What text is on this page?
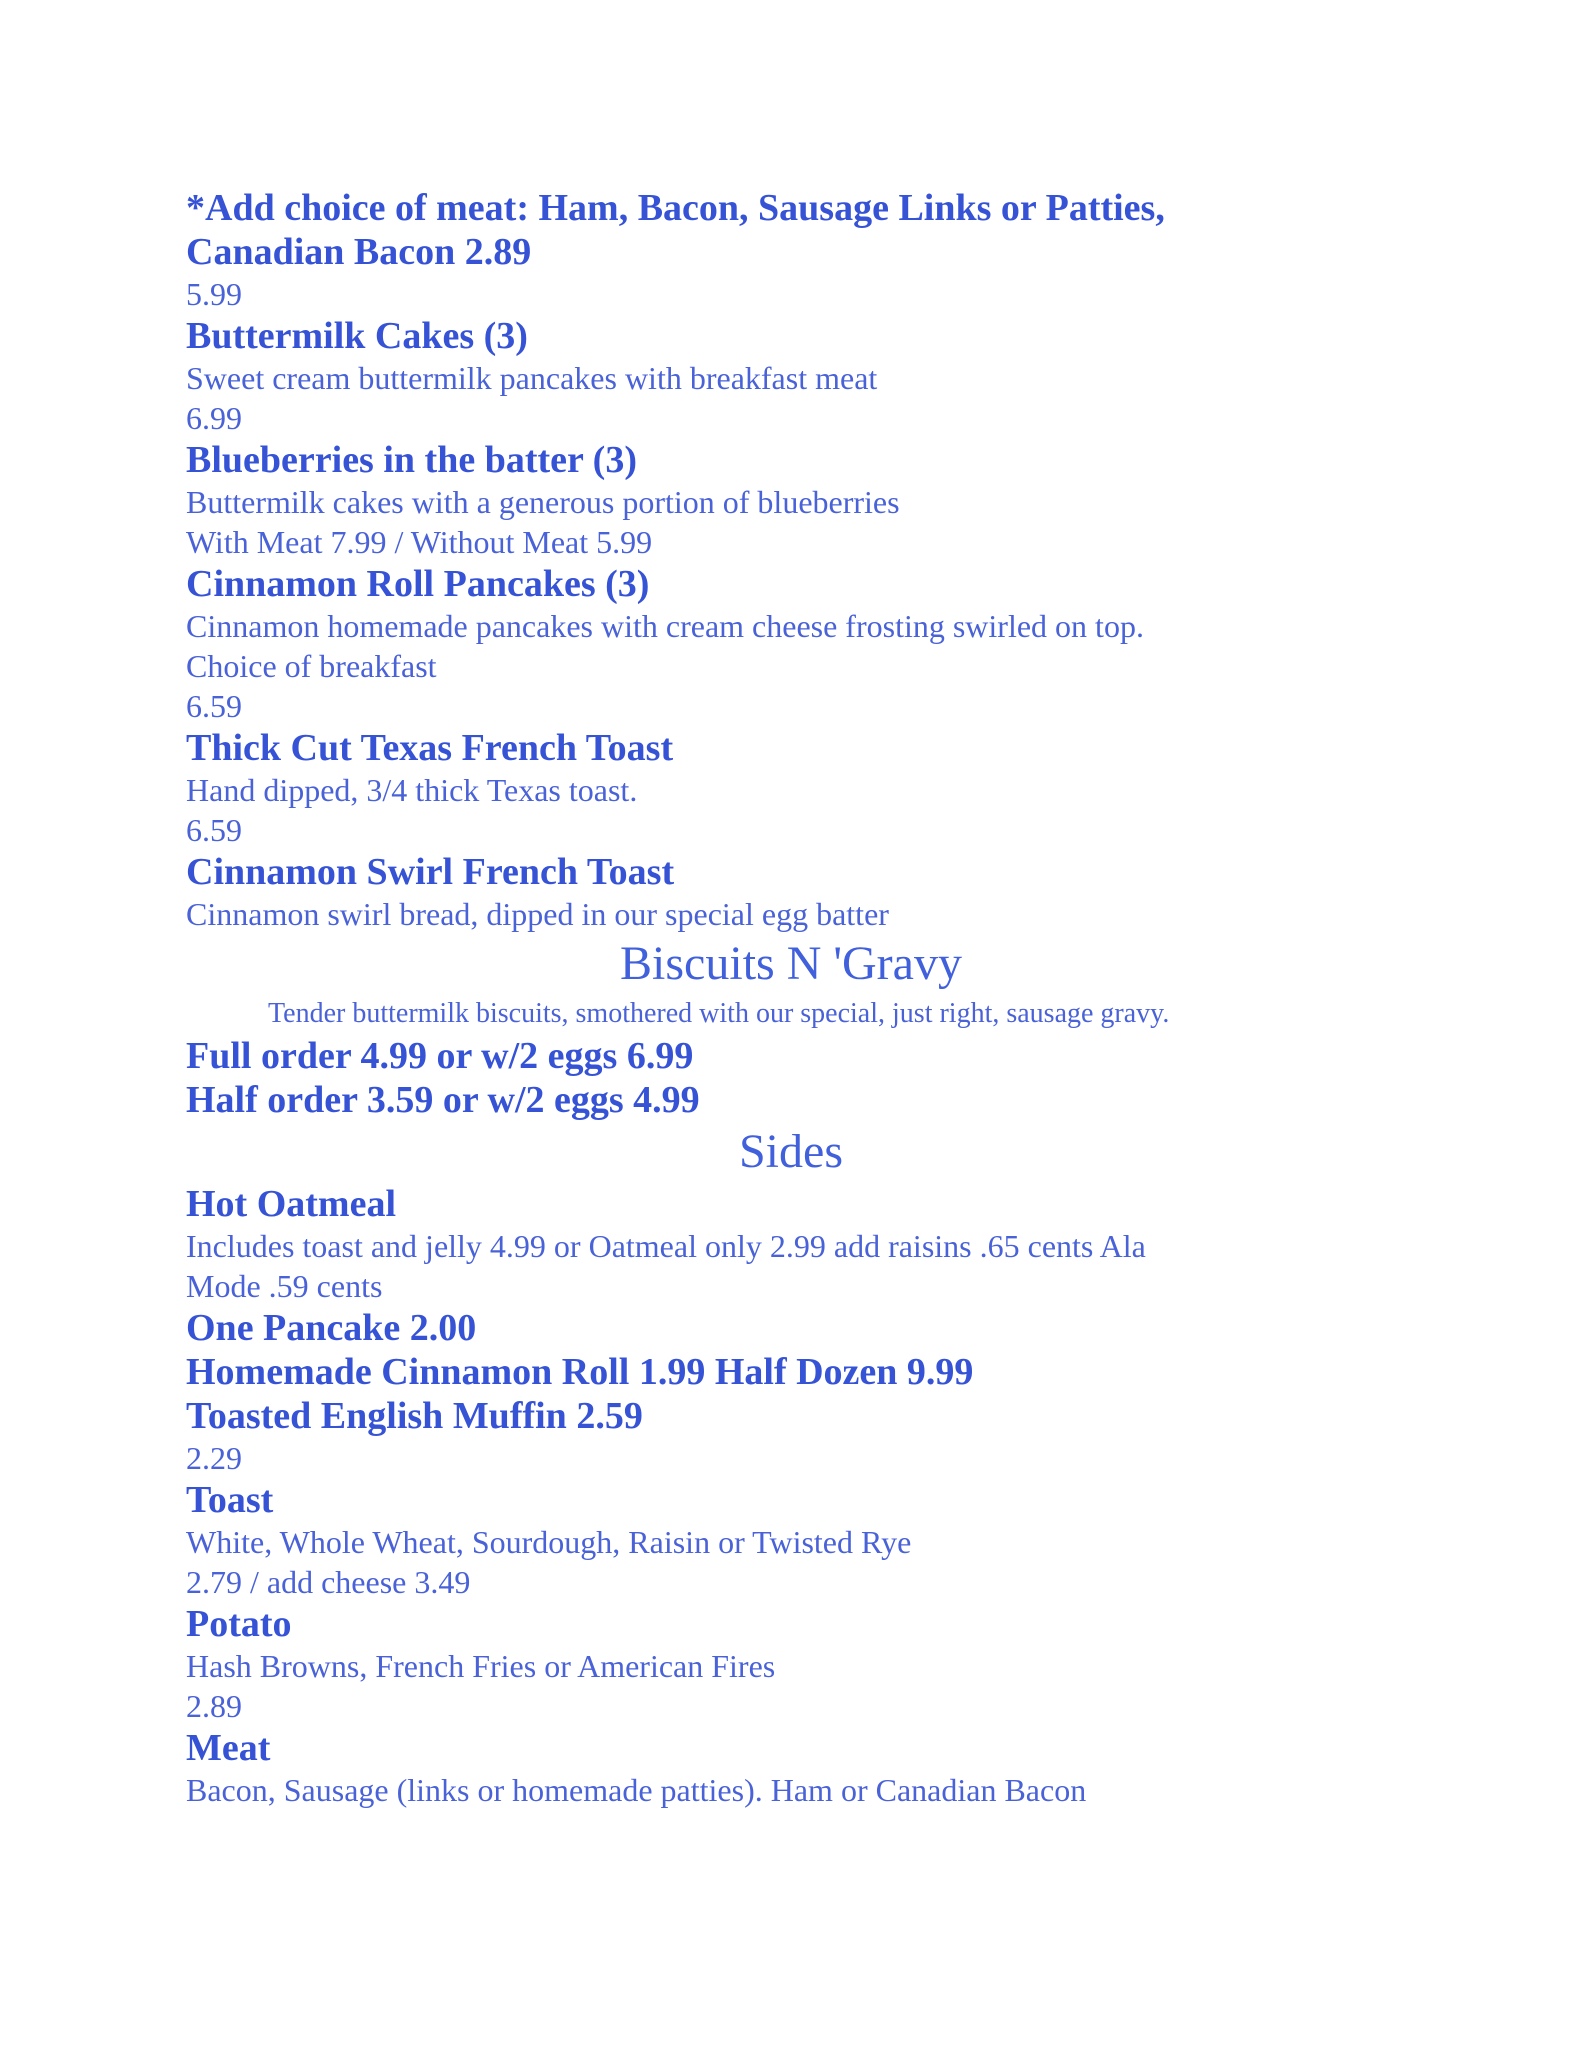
*Add choice of meat: Ham, Bacon, Sausage Links or Patties,
Canadian Bacon 2.89
5.99
Buttermilk Cakes (3)
Sweet cream buttermilk pancakes with breakfast meat
6.99
Blueberries in the batter (3)
Buttermilk cakes with a generous portion of blueberries
With Meat 7.99 / Without Meat 5.99
Cinnamon Roll Pancakes (3)
Cinnamon homemade pancakes with cream cheese frosting swirled on top.
Choice of breakfast
6.59
Thick Cut Texas French Toast
Hand dipped, 3/4 thick Texas toast.
6.59
Cinnamon Swirl French Toast
Cinnamon swirl bread, dipped in our special egg batter
Biscuits N 'Gravy
Tender buttermilk biscuits, smothered with our special, just right, sausage gravy.
Full order 4.99 or w/2 eggs 6.99
Half order 3.59 or w/2 eggs 4.99
Sides
Hot Oatmeal
Includes toast and jelly 4.99 or Oatmeal only 2.99 add raisins .65 cents Ala
Mode .59 cents
One Pancake 2.00
Homemade Cinnamon Roll 1.99 Half Dozen 9.99
Toasted English Muffin 2.59
2.29
Toast
White, Whole Wheat, Sourdough, Raisin or Twisted Rye
2.79 / add cheese 3.49
Potato
Hash Browns, French Fries or American Fires
2.89
Meat
Bacon, Sausage (links or homemade patties). Ham or Canadian Bacon
